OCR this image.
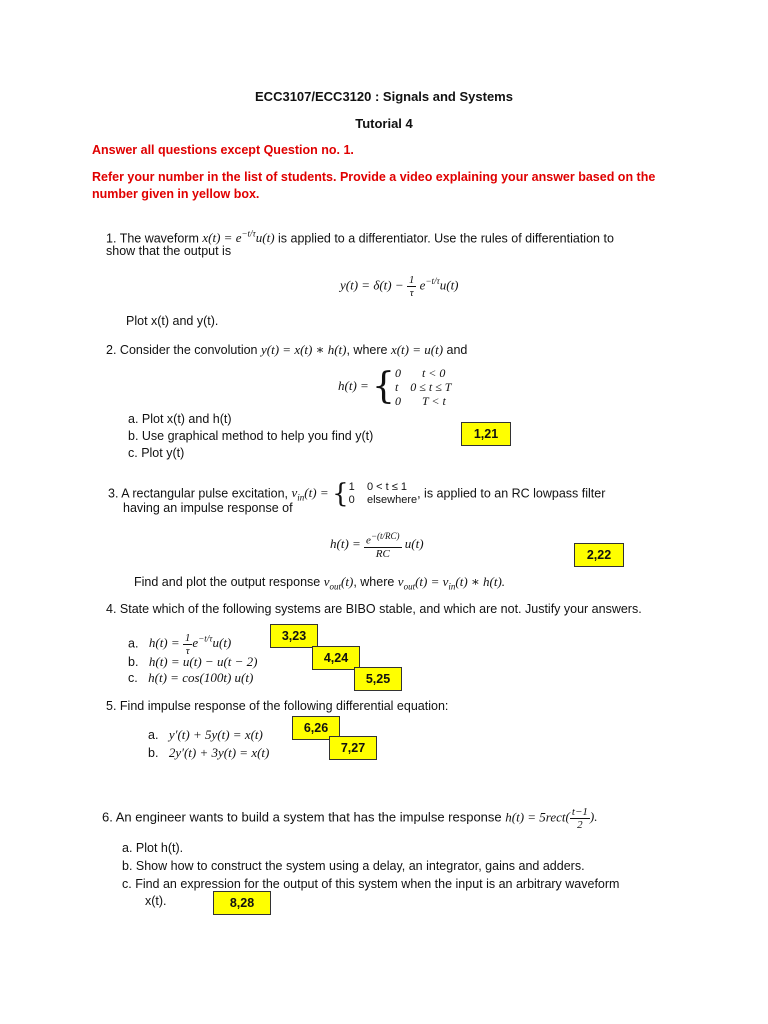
ECC3107/ECC3120 : Signals and Systems
Tutorial 4
Answer all questions except Question no. 1.
Refer your number in the list of students. Provide a video explaining your answer based on the
number given in yellow box.
1. The waveform $x(t) = e^{-t/\tau}u(t)$ is applied to a differentiator. Use the rules of differentiation to
show that the output is
$y(t) = \delta(t) - \frac{1}{\tau} e^{-t/\tau}u(t)$
Plot x(t) and y(t).
2. Consider the convolution y(t) = x(t) ∗ h(t), where x(t) = u(t) and
h(t) = {0       t < 0
t    0 ≤ t ≤ T
0       T < t
a. Plot x(t) and h(t)
b. Use graphical method to help you find y(t)
c. Plot y(t)
1,21
3. A rectangular pulse excitation, $v_{in}(t) = \{1$    0 < t ≤ 1
0    elsewhere, is applied to an RC lowpass filter
having an impulse response of
$h(t) = \frac{e^{-(t/RC)}}{RC} u(t)$
2,22
Find and plot the output response $v_{out}(t)$, where $v_{out}(t) = v_{in}(t)$ ∗ h(t).
4. State which of the following systems are BIBO stable, and which are not. Justify your answers.
a. $h(t) = \frac{1}{\tau} e^{-t/\tau}u(t)$
b. h(t) = u(t) − u(t − 2)
c. h(t) = cos(100t) u(t)
3,23
4,24
5,25
5. Find impulse response of the following differential equation:
a. y′(t) + 5y(t) = x(t)
b. 2y′(t) + 3y(t) = x(t)
6,26
7,27
6. An engineer wants to build a system that has the impulse response h(t) = 5rect( $\frac{t-1}{2}$ ).
a. Plot h(t).
b. Show how to construct the system using a delay, an integrator, gains and adders.
c. Find an expression for the output of this system when the input is an arbitrary waveform
x(t).	8,28
